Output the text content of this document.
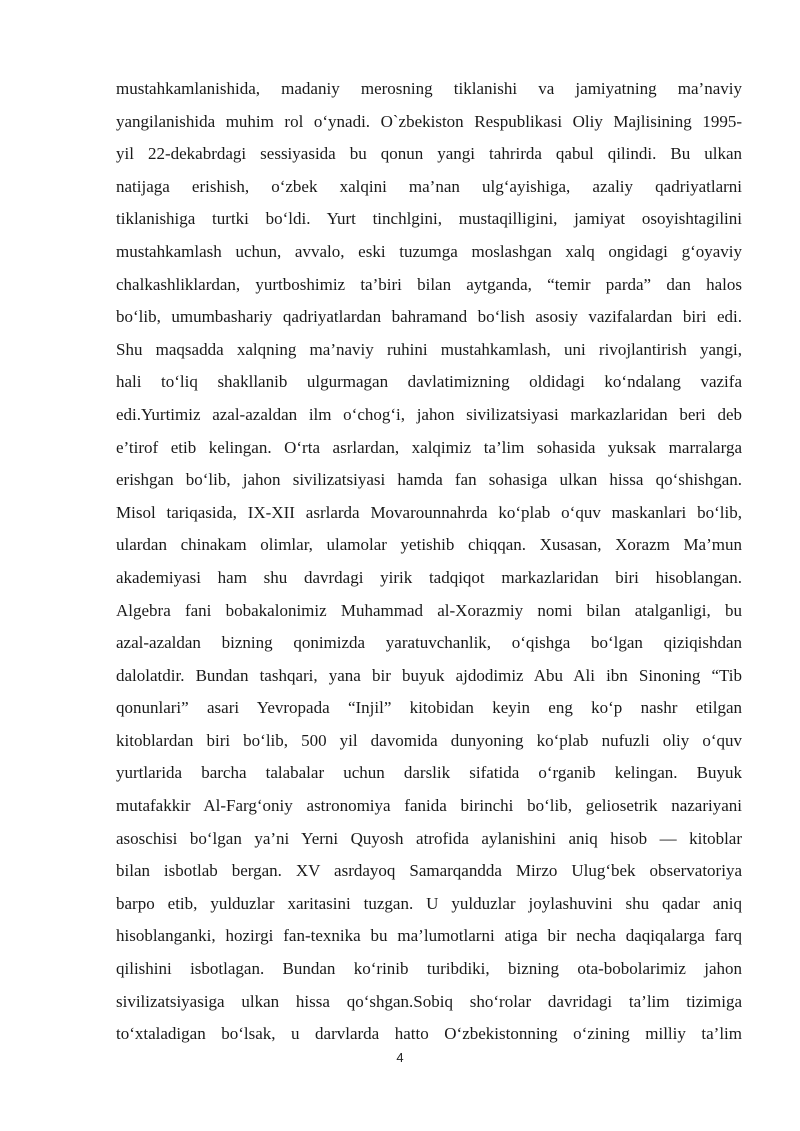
mustahkamlanishida, madaniy merosning tiklanishi va jamiyatning ma’naviy
yangilanishida muhim rol o‘ynadi. O`zbekiston Respublikasi Oliy Majlisining 1995-
yil 22-dekabrdagi sessiyasida bu qonun yangi tahrirda qabul qilindi. Bu ulkan
natijaga erishish, o‘zbek xalqini ma’nan ulg‘ayishiga, azaliy qadriyatlarni
tiklanishiga turtki bo‘ldi. Yurt tinchlgini, mustaqilligini, jamiyat osoyishtagilini
mustahkamlash uchun, avvalo, eski tuzumga moslashgan xalq ongidagi g‘oyaviy
chalkashliklardan, yurtboshimiz ta’biri bilan aytganda, “temir parda” dan halos
bo‘lib, umumbashariy qadriyatlardan bahramand bo‘lish asosiy vazifalardan biri edi.
Shu maqsadda xalqning ma’naviy ruhini mustahkamlash, uni rivojlantirish yangi,
hali to‘liq shakllanib ulgurmagan davlatimizning oldidagi ko‘ndalang vazifa
edi.Yurtimiz azal-azaldan ilm o‘chog‘i, jahon sivilizatsiyasi markazlaridan beri deb
e’tirof etib kelingan. O‘rta asrlardan, xalqimiz ta’lim sohasida yuksak marralarga
erishgan bo‘lib, jahon sivilizatsiyasi hamda fan sohasiga ulkan hissa qo‘shishgan.
Misol tariqasida, IX-XII asrlarda Movarounnahrda ko‘plab o‘quv maskanlari bo‘lib,
ulardan chinakam olimlar, ulamolar yetishib chiqqan. Xusasan, Xorazm Ma’mun
akademiyasi ham shu davrdagi yirik tadqiqot markazlaridan biri hisoblangan.
Algebra fani bobakalonimiz Muhammad al-Xorazmiy nomi bilan atalganligi, bu
azal-azaldan bizning qonimizda yaratuvchanlik, o‘qishga bo‘lgan qiziqishdan
dalolatdir. Bundan tashqari, yana bir buyuk ajdodimiz Abu Ali ibn Sinoning “Tib
qonunlari” asari Yevropada “Injil” kitobidan keyin eng ko‘p nashr etilgan
kitoblardan biri bo‘lib, 500 yil davomida dunyoning ko‘plab nufuzli oliy o‘quv
yurtlarida barcha talabalar uchun darslik sifatida o‘rganib kelingan. Buyuk
mutafakkir Al-Farg‘oniy astronomiya fanida birinchi bo‘lib, geliosetrik nazariyani
asoschisi bo‘lgan ya’ni Yerni Quyosh atrofida aylanishini aniq hisob — kitoblar
bilan isbotlab bergan. XV asrdayoq Samarqandda Mirzo Ulug‘bek observatoriya
barpo etib, yulduzlar xaritasini tuzgan. U yulduzlar joylashuvini shu qadar aniq
hisoblanganki, hozirgi fan-texnika bu ma’lumotlarni atiga bir necha daqiqalarga farq
qilishini isbotlagan. Bundan ko‘rinib turibdiki, bizning ota-bobolarimiz jahon
sivilizatsiyasiga ulkan hissa qo‘shgan.Sobiq sho‘rolar davridagi ta’lim tizimiga
to‘xtaladigan bo‘lsak, u darvlarda hatto O‘zbekistonning o‘zining milliy ta’lim
4
